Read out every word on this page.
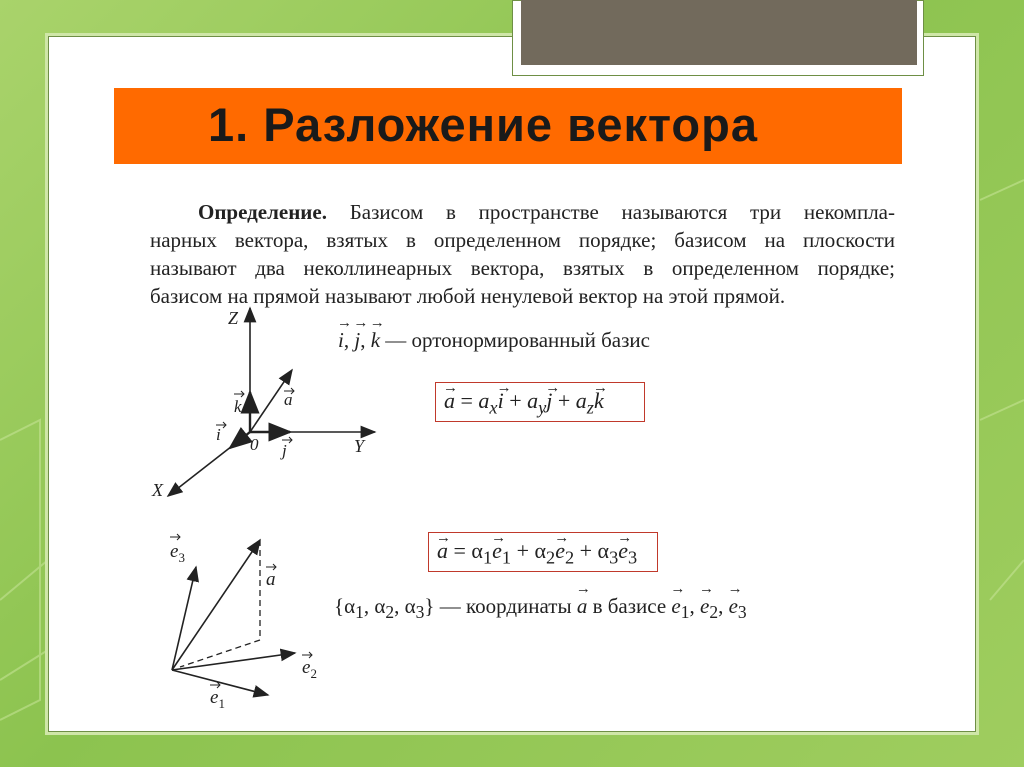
1. Разложение вектора
Определение. Базисом в пространстве называются три некомпла-
нарных вектора, взятых в определенном порядке; базисом на плоскости
называют два неколлинеарных вектора, взятых в определенном порядке;
базисом на прямой называют любой ненулевой вектор на этой прямой.
Z
Y
X
0
a
k
j
i
→ i, → j, → k — ортонормированный базис
→ $a = a_x\to i + a_y\to j + a_z\to k$
$e_3$
a
$e_2$
$e_1$
→ $a = \alpha_1\to e_1 + \alpha_2\to e_2 + \alpha_3\to e_3$
{$\alpha_1$, $\alpha_2$, $\alpha_3$} — координаты → a в базисе → $e_1$, → $e_2$, → $e_3$
